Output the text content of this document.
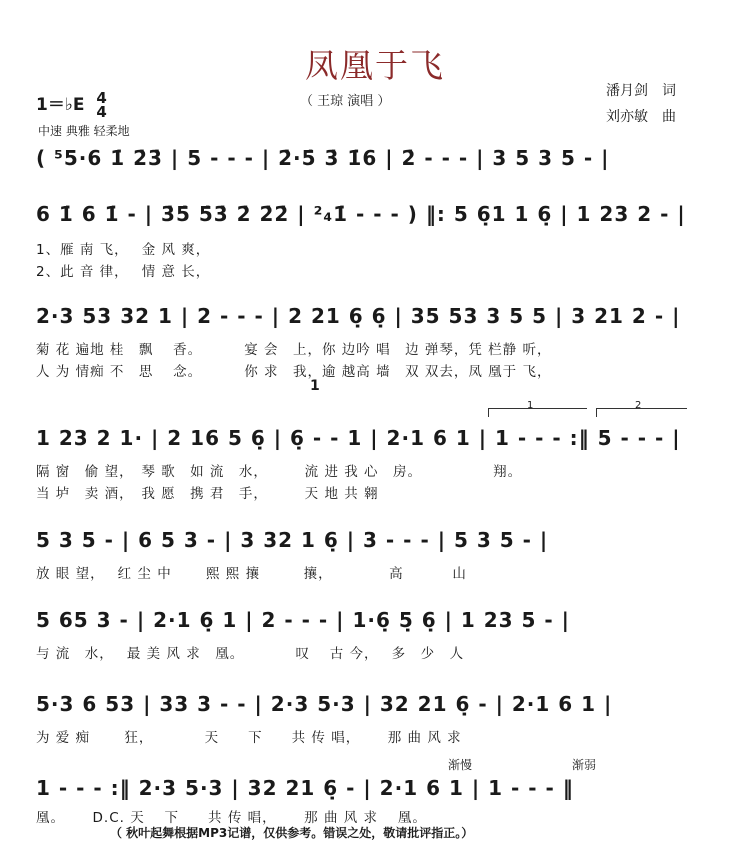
凤凰于飞
（ 王琼 演唱 ）
潘月剑　词
刘亦敏　曲
1＝♭E 4
4
中速 典雅 轻柔地
( ⁵5·6 1̇ 2̇3̇ | 5 - - - | 2̇·5̇ 3̇ 1̇6 | 2̇ - - - | 3 5 3 5 - |
6 1̇ 6 1̇ - | 3̇5̇ 5̇3̇ 2̇ 2̇2̇ | ²₄1̇ - - - ) ‖: 5 6̣1 1 6̣ | 1 23 2 - |
1、雁 南 飞，　 金 风 爽，
2、此 音 律，　 情 意 长，
2·3 53 32 1 | 2 - - - | 2 21 6̣ 6̣ | 35 53 3 5 5 | 3 21 2 - |
菊 花 遍地 桂　飘　 香。　　　 宴 会　上，你 边吟 唱　边 弹琴，凭 栏静 听，
人 为 情痴 不　思　 念。　　　 你 求　我，逾 越高 墙　双 双去，凤 凰于 飞，
1
1	2
1 23 2 1· | 2 16 5 6̣ | 6̣ - - 1 | 2·1 6 1 | 1 - - - :‖ 5 - - - |
隔 窗　偷 望，　琴 歌　如 流　水，　　　流 进 我 心　房。　　　　　 翔。
当 垆　卖 酒，　我 愿　携 君　手，　　　天 地 共 翱
5 3 5 - | 6 5 3 - | 3 32 1 6̣ | 3 - - - | 5 3 5 - |
放 眼 望，　 红 尘 中　　 熙 熙 攘　　　攘，　　　　 高　　　 山
5 65 3 - | 2·1 6̣ 1 | 2 - - - | 1·6̣ 5̣ 6̣ | 1 23 5 - |
与 流　水，　 最 美 风 求　凰。　　　　叹　 古 今，　 多　少　人
5·3 6 53 | 33 3 - - | 2·3 5·3 | 32 21 6̣ - | 2·1 6 1 |
为 爱 痴　　 狂，　　　　天　　下　　共 传 唱，　　 那 曲 风 求
渐慢	渐弱
1 - - - :‖ 2·3 5·3 | 32 21 6̣ - | 2·1 6 1 | 1 - - - ‖
凰。　　 D.C. 天　 下　　共 传 唱，　　 那 曲 风 求　 凰。
（ 秋叶起舞根据MP3记谱，仅供参考。错误之处，敬请批评指正。）
